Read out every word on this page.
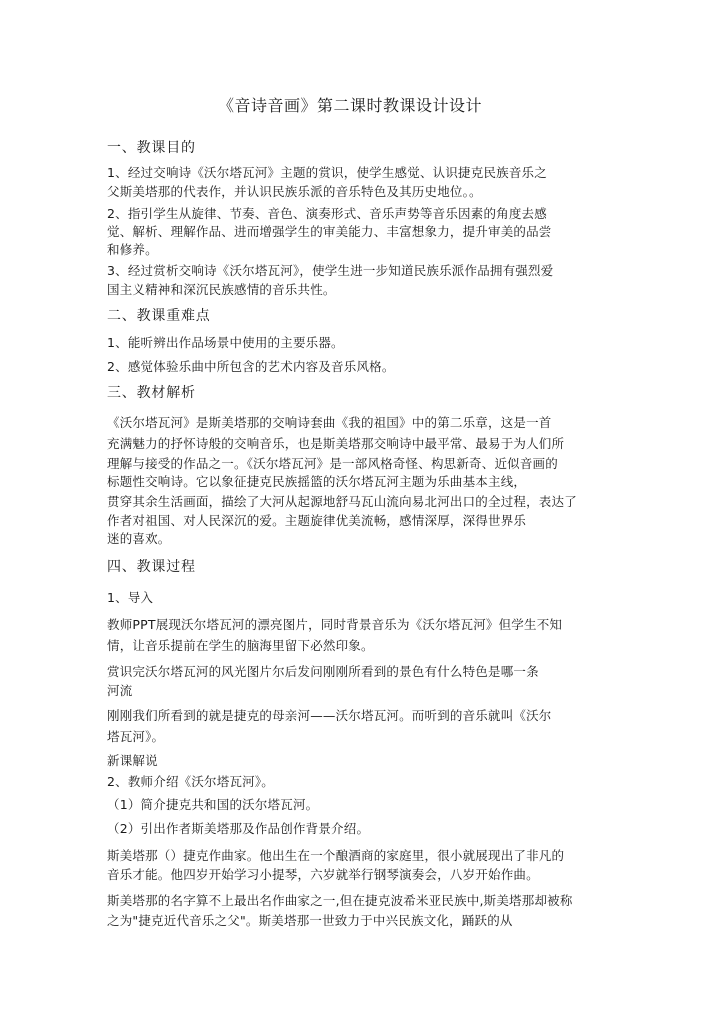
《音诗音画》第二课时教课设计设计
一、教课目的
1、经过交响诗《沃尔塔瓦河》主题的赏识，使学生感觉、认识捷克民族音乐之
父斯美塔那的代表作，并认识民族乐派的音乐特色及其历史地位。。
2、指引学生从旋律、节奏、音色、演奏形式、音乐声势等音乐因素的角度去感
觉、解析、理解作品、进而增强学生的审美能力、丰富想象力，提升审美的品尝
和修养。
3、经过赏析交响诗《沃尔塔瓦河》，使学生进一步知道民族乐派作品拥有强烈爱
国主义精神和深沉民族感情的音乐共性。
二、教课重难点
1、能听辨出作品场景中使用的主要乐器。
2、感觉体验乐曲中所包含的艺术内容及音乐风格。
三、教材解析
《沃尔塔瓦河》是斯美塔那的交响诗套曲《我的祖国》中的第二乐章，这是一首
充满魅力的抒怀诗般的交响音乐，也是斯美塔那交响诗中最平常、最易于为人们所
理解与接受的作品之一。《沃尔塔瓦河》是一部风格奇怪、构思新奇、近似音画的
标题性交响诗。它以象征捷克民族摇篮的沃尔塔瓦河主题为乐曲基本主线，
贯穿其余生活画面，描绘了大河从起源地舒马瓦山流向易北河出口的全过程，表达了
作者对祖国、对人民深沉的爱。主题旋律优美流畅，感情深厚，深得世界乐
迷的喜欢。
四、教课过程
1、导入
教师PPT展现沃尔塔瓦河的漂亮图片，同时背景音乐为《沃尔塔瓦河》但学生不知
情，让音乐提前在学生的脑海里留下必然印象。
赏识完沃尔塔瓦河的风光图片尔后发问刚刚所看到的景色有什么特色是哪一条
河流
刚刚我们所看到的就是捷克的母亲河——沃尔塔瓦河。而听到的音乐就叫《沃尔
塔瓦河》。
新课解说
2、教师介绍《沃尔塔瓦河》。
（1）简介捷克共和国的沃尔塔瓦河。
（2）引出作者斯美塔那及作品创作背景介绍。
斯美塔那（）捷克作曲家。他出生在一个酿酒商的家庭里，很小就展现出了非凡的
音乐才能。他四岁开始学习小提琴，六岁就举行钢琴演奏会，八岁开始作曲。
斯美塔那的名字算不上最出名作曲家之一,但在捷克波希米亚民族中,斯美塔那却被称
之为"捷克近代音乐之父"。斯美塔那一世致力于中兴民族文化，踊跃的从
